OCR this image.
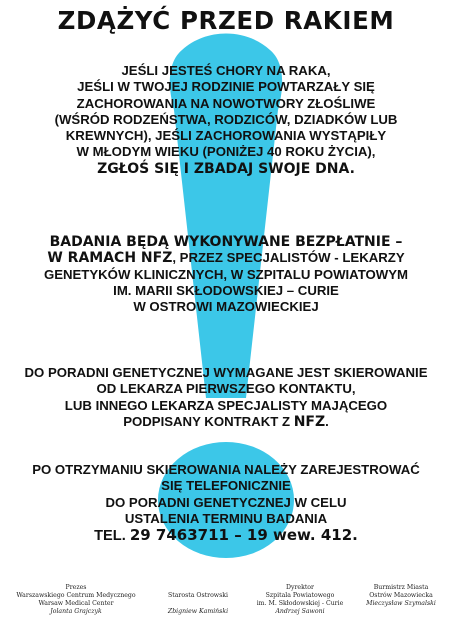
ZDĄŻYĆ PRZED RAKIEM
JEŚLI JESTEŚ CHORY NA RAKA,
JEŚLI W TWOJEJ RODZINIE POWTARZAŁY SIĘ
ZACHOROWANIA NA NOWOTWORY ZŁOŚLIWE
(WŚRÓD RODZEŃSTWA, RODZICÓW, DZIADKÓW LUB
KREWNYCH), JEŚLI ZACHOROWANIA WYSTĄPIŁY
W MŁODYM WIEKU (PONIŻEJ 40 ROKU ŻYCIA),
ZGŁOŚ SIĘ I ZBADAJ SWOJE DNA.
BADANIA BĘDĄ WYKONYWANE BEZPŁATNIE –
W RAMACH NFZ, PRZEZ SPECJALISTÓW - LEKARZY
GENETYKÓW KLINICZNYCH, W SZPITALU POWIATOWYM
IM. MARII SKŁODOWSKIEJ – CURIE
W OSTROWI MAZOWIECKIEJ
DO PORADNI GENETYCZNEJ WYMAGANE JEST SKIEROWANIE
OD LEKARZA PIERWSZEGO KONTAKTU,
LUB INNEGO LEKARZA SPECJALISTY MAJĄCEGO
PODPISANY KONTRAKT Z NFZ.
PO OTRZYMANIU SKIEROWANIA NALEŻY ZAREJESTROWAĆ
SIĘ TELEFONICZNIE
DO PORADNI GENETYCZNEJ W CELU
USTALENIA TERMINU BADANIA
TEL. 29 7463711 – 19 wew. 412.
Prezes
Warszawskiego Centrum Medycznego
Warsaw Medical Center
Jolanta Grajczyk
Starosta Ostrowski
Zbigniew Kamiński
Dyrektor
Szpitala Powiatowego
im. M. Skłodowskiej - Curie
Andrzej Sawoni
Burmistrz Miasta
Ostrów Mazowiecka
Mieczysław Szymalski
